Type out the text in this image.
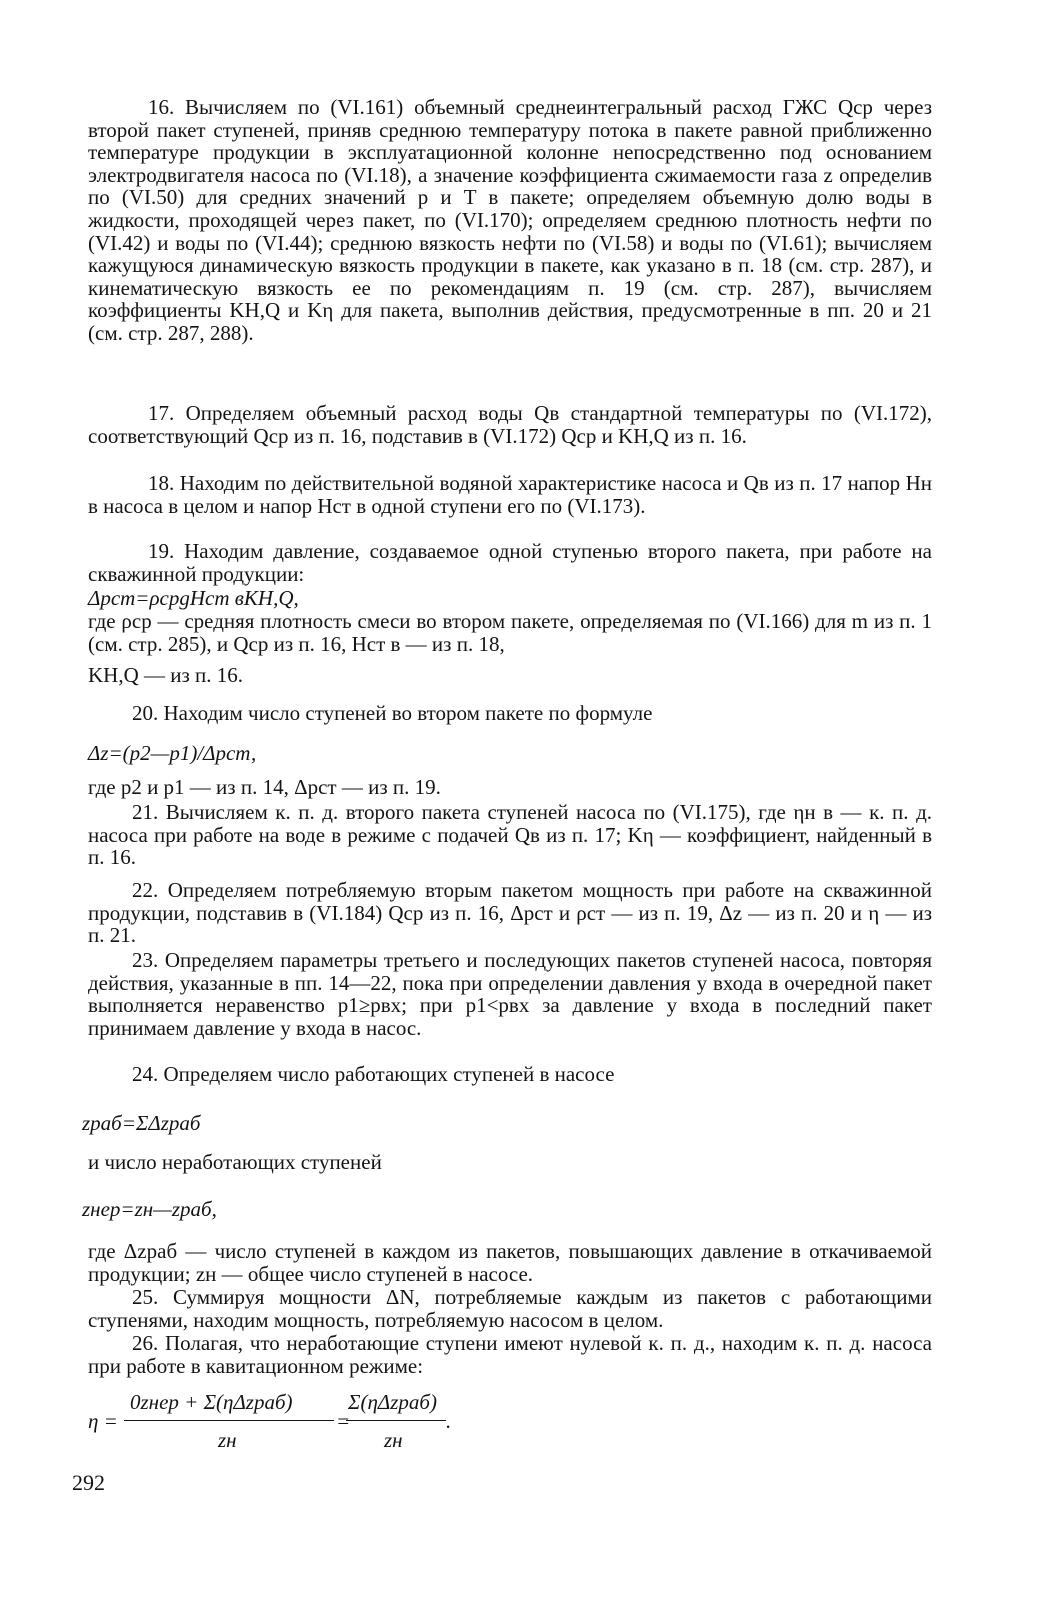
16. Вычисляем по (VI.161) объемный среднеинтегральный расход ГЖС Qср через второй пакет ступеней, приняв среднюю температуру потока в пакете равной приближенно температуре продукции в эксплуатационной колонне непосредственно под основанием электродвигателя насоса по (VI.18), а значение коэффициента сжимаемости газа z определив по (VI.50) для средних значений p и T в пакете; определяем объемную долю воды в жидкости, проходящей через пакет, по (VI.170); определяем среднюю плотность нефти по (VI.42) и воды по (VI.44); среднюю вязкость нефти по (VI.58) и воды по (VI.61); вычисляем кажущуюся динамическую вязкость продукции в пакете, как указано в п. 18 (см. стр. 287), и кинематическую вязкость ее по рекомендациям п. 19 (см. стр. 287), вычисляем коэффициенты KH,Q и Kη для пакета, выполнив действия, предусмотренные в пп. 20 и 21 (см. стр. 287, 288).

17. Определяем объемный расход воды Qв стандартной температуры по (VI.172), соответствующий Qср из п. 16, подставив в (VI.172) Qср и KH,Q из п. 16.

18. Находим по действительной водяной характеристике насоса и Qв из п. 17 напор Hн в насоса в целом и напор Hст в одной ступени его по (VI.173).

19. Находим давление, создаваемое одной ступенью второго пакета, при работе на скважинной продукции:

Δpст=ρсрgHст вKH,Q,

где ρср — средняя плотность смеси во втором пакете, определяемая по (VI.166) для m из п. 1 (см. стр. 285), и Qср из п. 16, Hст в — из п. 18,

KH,Q — из п. 16.

20. Находим число ступеней во втором пакете по формуле

Δz=(p2—p1)/Δpст,

где p2 и p1 — из п. 14, Δpст — из п. 19.

21. Вычисляем к. п. д. второго пакета ступеней насоса по (VI.175), где ηн в — к. п. д. насоса при работе на воде в режиме с подачей Qв из п. 17; Kη — коэффициент, найденный в п. 16.

22. Определяем потребляемую вторым пакетом мощность при работе на скважинной продукции, подставив в (VI.184) Qср из п. 16, Δpст и ρст — из п. 19, Δz — из п. 20 и η — из п. 21.

23. Определяем параметры третьего и последующих пакетов ступеней насоса, повторяя действия, указанные в пп. 14—22, пока при определении давления у входа в очередной пакет выполняется неравенство p1≥pвх; при p1<pвх за давление у входа в последний пакет принимаем давление у входа в насос.

24. Определяем число работающих ступеней в насосе

zраб=ΣΔzраб

и число неработающих ступеней

zнер=zн—zраб,

где Δzраб — число ступеней в каждом из пакетов, повышающих давление в откачиваемой продукции; zн — общее число ступеней в насосе.

25. Суммируя мощности ΔN, потребляемые каждым из пакетов с работающими ступенями, находим мощность, потребляемую насосом в целом.

26. Полагая, что неработающие ступени имеют нулевой к. п. д., находим к. п. д. насоса при работе в кавитационном режиме:

η =
0zнер + Σ(ηΔzраб)
zн
=
Σ(ηΔzраб)
zн
.
292
